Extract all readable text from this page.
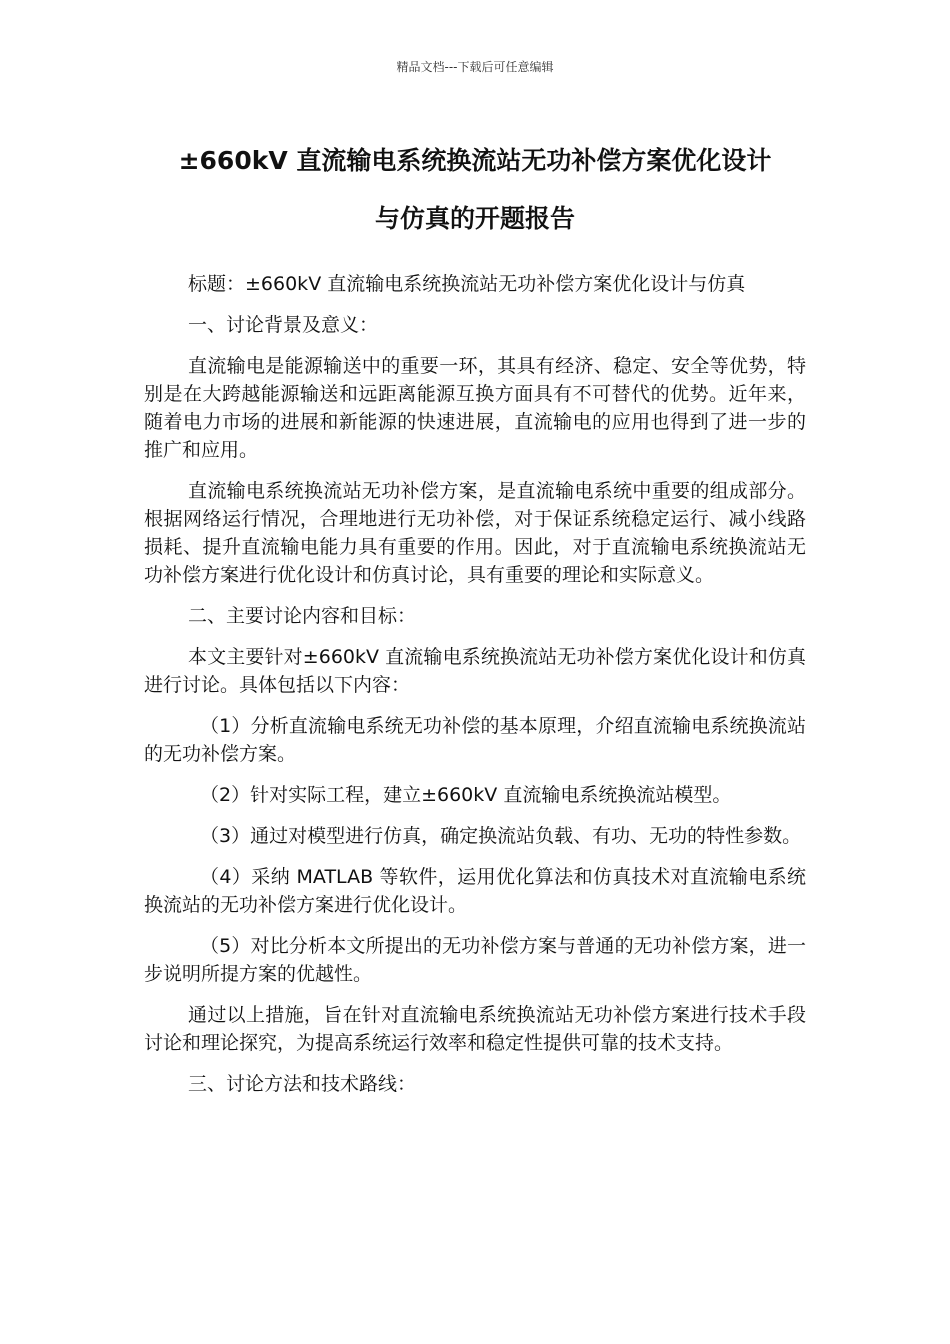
精品文档---下载后可任意编辑
±660kV 直流输电系统换流站无功补偿方案优化设计
与仿真的开题报告

标题：±660kV 直流输电系统换流站无功补偿方案优化设计与仿真

一、讨论背景及意义：

直流输电是能源输送中的重要一环，其具有经济、稳定、安全等优势，特别是在大跨越能源输送和远距离能源互换方面具有不可替代的优势。近年来，随着电力市场的进展和新能源的快速进展，直流输电的应用也得到了进一步的推广和应用。

直流输电系统换流站无功补偿方案，是直流输电系统中重要的组成部分。根据网络运行情况，合理地进行无功补偿，对于保证系统稳定运行、减小线路损耗、提升直流输电能力具有重要的作用。因此，对于直流输电系统换流站无功补偿方案进行优化设计和仿真讨论，具有重要的理论和实际意义。

二、主要讨论内容和目标：

本文主要针对±660kV 直流输电系统换流站无功补偿方案优化设计和仿真进行讨论。具体包括以下内容：

（1）分析直流输电系统无功补偿的基本原理，介绍直流输电系统换流站的无功补偿方案。

（2）针对实际工程，建立±660kV 直流输电系统换流站模型。

（3）通过对模型进行仿真，确定换流站负载、有功、无功的特性参数。

（4）采纳 MATLAB 等软件，运用优化算法和仿真技术对直流输电系统换流站的无功补偿方案进行优化设计。

（5）对比分析本文所提出的无功补偿方案与普通的无功补偿方案，进一步说明所提方案的优越性。

通过以上措施，旨在针对直流输电系统换流站无功补偿方案进行技术手段讨论和理论探究，为提高系统运行效率和稳定性提供可靠的技术支持。

三、讨论方法和技术路线：
